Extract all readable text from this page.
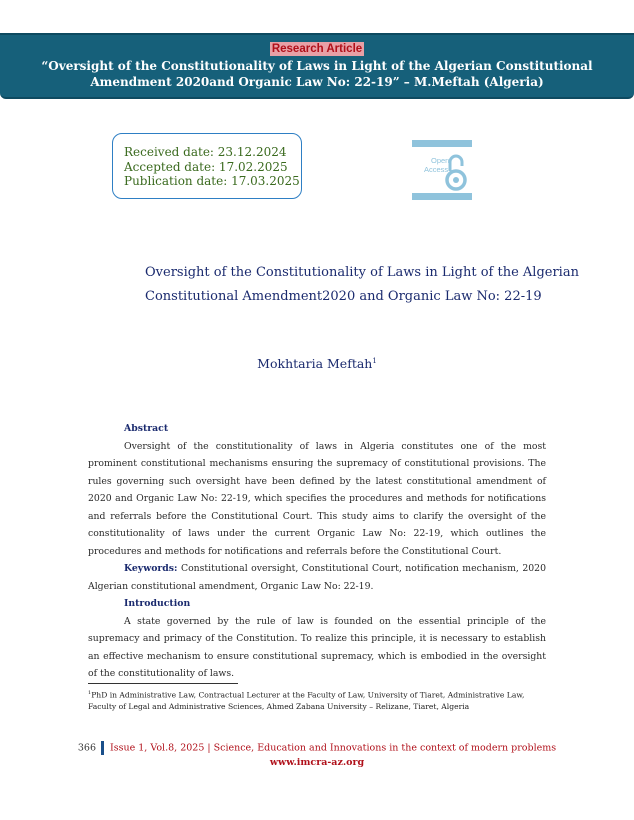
Research Article
“Oversight of the Constitutionality of Laws in Light of the Algerian Constitutional Amendment 2020and Organic Law No: 22-19” – M.Meftah (Algeria)
Received date: 23.12.2024
Accepted date: 17.02.2025
Publication date: 17.03.2025
Open
Access
Oversight of the Constitutionality of Laws in Light of the Algerian
Constitutional Amendment2020 and Organic Law No: 22-19
Mokhtaria Meftah$^1$
Abstract

Oversight of the constitutionality of laws in Algeria constitutes one of the most prominent constitutional mechanisms ensuring the supremacy of constitutional provisions. The rules governing such oversight have been defined by the latest constitutional amendment of 2020 and Organic Law No: 22-19, which specifies the procedures and methods for notifications and referrals before the Constitutional Court. This study aims to clarify the oversight of the constitutionality of laws under the current Organic Law No: 22-19, which outlines the procedures and methods for notifications and referrals before the Constitutional Court.

Keywords: Constitutional oversight, Constitutional Court, notification mechanism, 2020 Algerian constitutional amendment, Organic Law No: 22-19.

Introduction

A state governed by the rule of law is founded on the essential principle of the supremacy and primacy of the Constitution. To realize this principle, it is necessary to establish an effective mechanism to ensure constitutional supremacy, which is embodied in the oversight of the constitutionality of laws.

$^1$PhD in Administrative Law, Contractual Lecturer at the Faculty of Law, University of Tiaret, Administrative Law, Faculty of Legal and Administrative Sciences, Ahmed Zabana University – Relizane, Tiaret, Algeria
366 Issue 1, Vol.8, 2025 | Science, Education and Innovations in the context of modern problems
www.imcra-az.org
